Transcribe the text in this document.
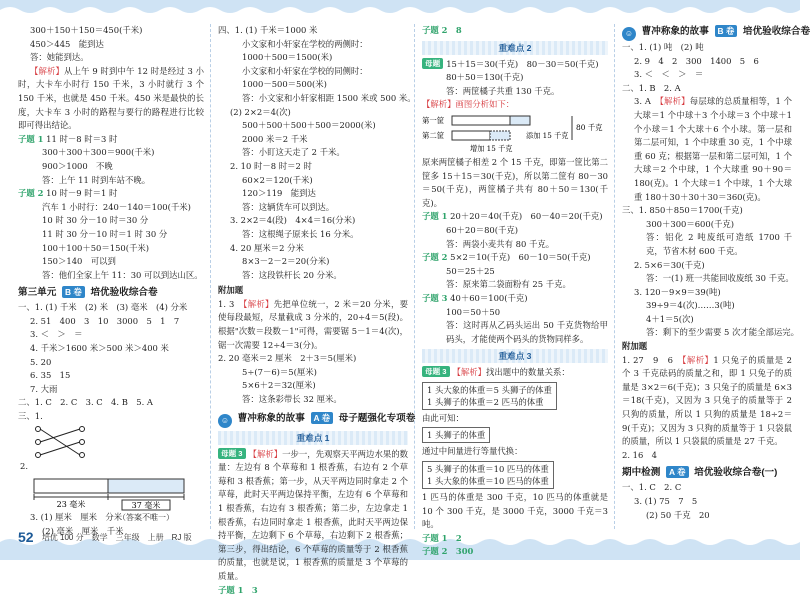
300＋150＋150＝450(千米)
450＞445　能到达
答：她能到达。
【解析】从上午 9 时到中午 12 时是经过 3 小时，大卡车小时行 150 千米，3 小时就行 3 个 150 千米，也就是 450 千米。450 米是最快的长度，大卡车 3 小时的路程与要行的路程进行比较即可得出结论。
子题 1 11 时－8 时＝3 时
300＋300＋300＝900(千米)
900＞1000　不晚
答：上午 11 时到车站不晚。
子题 2 10 时－9 时＝1 时
汽车 1 小时行：240－140＝100(千米)
10 时 30 分－10 时＝30 分
11 时 30 分－10 时＝1 时 30 分
100＋100＋50＝150(千米)
150＞140　可以到
答：他们全家上午 11：30 可以到达山区。
第三单元 B 卷 培优验收综合卷
一、1. (1) 千米　(2) 米　(3) 毫米　(4) 分米
2. 51　400　3　10　3000　5　1　7
3. ＜　＞　＝
4. 千米＞1600 米＞500 米＞400 米
5. 20
6. 35　15
7. 大雨
二、1. C　2. C　3. C　4. B　5. A
三、1.
2.
23 毫米	37 毫米
3. (1) 厘米　厘米　分米
(2) 毫米　厘米　千米
（答案不唯一）
四、1. (1) 千米＝1000 米
小文家和小轩家在学校的两侧时：
1000＋500＝1500(米)
小文家和小轩家在学校的同侧时：
1000－500＝500(米)
答：小文家和小轩家相距 1500 米或 500 米。
(2) 2×2＝4(次)
500＋500＋500＋500＝2000(米)
2000 米＝2 千米
答：小盯这天走了 2 千米。
2. 10 时－8 时＝2 时
60×2＝120(千米)
120＞119　能到达
答：这辆货车可以到达。
3. 2×2＝4(段)　4×4＝16(分米)
答：这根绳子原来长 16 分米。
4. 20 厘米＝2 分米
8×3－2－2＝20(分米)
答：这段铁杆长 20 分米。
附加题
1. 3　【解析】先把单位统一，2 米＝20 分米，要使每段最短，尽量截成 3 分米的，20÷4＝5(段)。根据"次数＝段数－1"可得，需要锯 5－1＝4(次)，锯一次需要 12÷4＝3(分)。
2. 20 毫米＝2 厘米　2＋3＝5(厘米)
5÷(7－6)＝5(厘米)
5×6＋2＝32(厘米)
答：这条彩带长 32 厘米。
☺ 曹冲称象的故事 A 卷 母子题强化专项卷
重难点 1
母题 3 【解析】一步一，先观察天平两边水果的数量：左边有 8 个草莓和 1 根香蕉，右边有 2 个草莓和 3 根香蕉；第一步，从天平两边同时拿走 2 个草莓，此时天平两边保持平衡，左边有 6 个草莓和 1 根香蕉，右边有 3 根香蕉；第二步，左边拿走 1 根香蕉，右边同时拿走 1 根香蕉，此时天平两边保持平衡，左边剩下 6 个草莓，右边剩下 2 根香蕉；第三步，得出结论，6 个草莓的质量等于 2 根香蕉的质量，也就是说，1 根香蕉的质量是 3 个草莓的质量。
子题 1　3
子题 2　8
重难点 2
母题 15＋15＝30(千克)　80－30＝50(千克)
80＋50＝130(千克)
答：两筐橘子共重 130 千克。
【解析】画图分析如下：
第一筐
第二筐	添加 15 千克
80 千克
增加 15 千克
原来两筐橘子相差 2 个 15 千克，即第一筐比第二筐多 15＋15＝30(千克)，所以第二筐有 80－30＝50(千克)，两筐橘子共有 80＋50＝130(千克)。
子题 1 20＋20＝40(千克)　60－40＝20(千克)
60＋20＝80(千克)
答：两袋小麦共有 80 千克。
子题 2 5×2＝10(千克)　60－10＝50(千克)
50＝25＋25
答：原来第二袋面粉有 25 千克。
子题 3 40＋60＝100(千克)
100＝50＋50
答：这时再从乙码头运出 50 千克货物给甲码头，才能使两个码头的货物同样多。
重难点 3
母题 3 【解析】找出题中的数量关系：
1 头大象的体重＝5 头狮子的体重
1 头狮子的体重＝2 匹马的体重
由此可知：
1 头狮子的体重
通过中间量进行等量代换：
5 头狮子的体重＝10 匹马的体重
1 头大象的体重＝10 匹马的体重
1 匹马的体重是 300 千克，10 匹马的体重就是 10 个 300 千克，是 3000 千克，3000 千克＝3 吨。
子题 1　2
子题 2　300
☺ 曹冲称象的故事 B 卷 培优验收综合卷
一、1. (1) 吨　(2) 吨
2. 9　4　2　300　1400　5　6
3. ＜　＜　＞　＝
二、1. B　2. A
3. A　【解析】每层球的总质量相等，1 个大球＝1 个中球＋3 个小球＝3 个中球＋1 个小球＝1 个大球＋6 个小球。第一层和第二层可知，1 个中球重 30 克，1 个中球重 60 克；根据第一层和第二层可知，1 个大球＝2 个中球，1 个大球重 90＋90＝180(克)。1 个大球＝1 个中球，1 个大球重 180＋30＋30＋30＝360(克)。
三、1. 850＋850＝1700(千克)
300＋300＝600(千克)
答：铝化 2 吨废纸可造纸 1700 千克，节省木材 600 千克。
2. 5×6＝30(千克)
答：一(1) 班一共能回收废纸 30 千克。
3. 120－9×9＝39(吨)
39÷9＝4(次)……3(吨)
4＋1＝5(次)
答：剩下的至少需要 5 次才能全部运完。
附加题
1. 27　9　6　【解析】1 只兔子的质量是 2 个 3 千克砝码的质量之和，即 1 只兔子的质量是 3×2＝6(千克)；3 只兔子的质量是 6×3＝18(千克)，又因为 3 只兔子的质量等于 2 只狗的质量，所以 1 只狗的质量是 18÷2＝9(千克)；又因为 3 只狗的质量等于 1 只袋鼠的质量，所以 1 只袋鼠的质量是 27 千克。
2. 16　4
期中检测 A 卷 培优验收综合卷(一)
一、1. C　2. C
3. (1) 75　7　5
(2) 50 千克　20
52 培优 100 分　数学　三年级　上册　RJ 版
